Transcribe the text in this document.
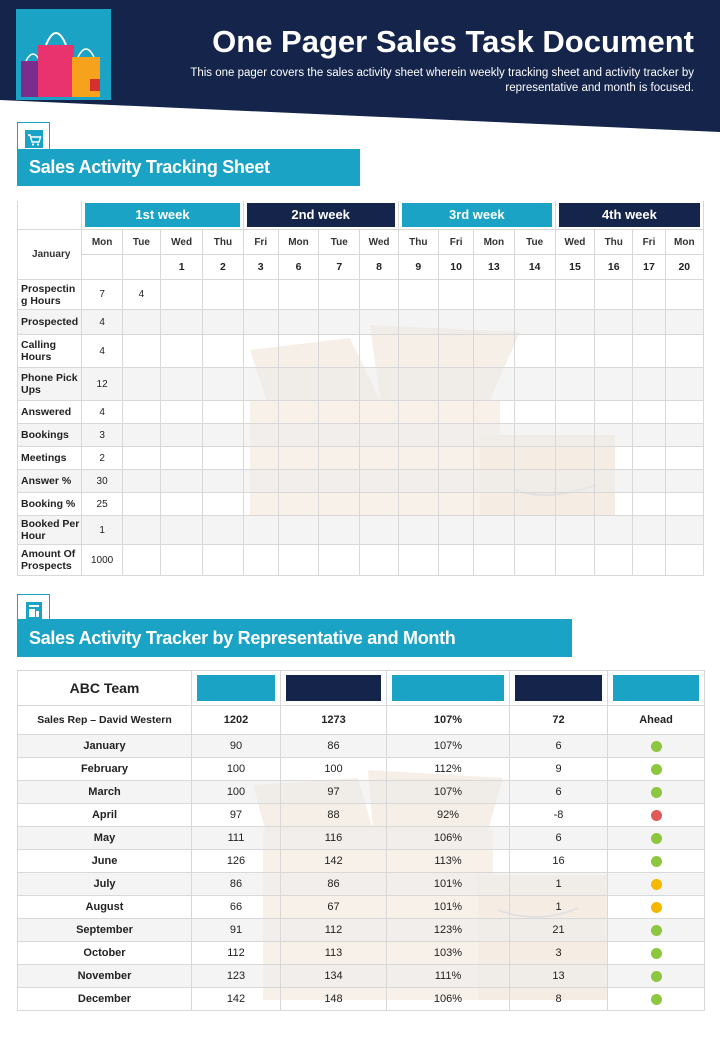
One Pager Sales Task Document

This one pager covers the sales activity sheet wherein weekly tracking sheet and activity tracker by representative and month is focused.

Sales Activity Tracking Sheet

	1st week				2nd week				3rd week				4th week			

January	Mon	Tue	Wed	Thu	Fri	Mon	Tue	Wed	Thu	Fri	Mon	Tue	Wed	Thu	Fri	Mon
			1	2	3	6	7	8	9	10	13	14	15	16	17	20
Prospectin g Hours	7	4														
Prospected	4															
Calling Hours	4															
Phone Pick Ups	12															
Answered	4															
Bookings	3															
Meetings	2															
Answer %	30															
Booking %	25															
Booked Per Hour	1															
Amount Of Prospects	1000															
Sales Activity Tracker by Representative and Month
ABC Team	

Sales Rep – David Western	1202	1273	107%	72	Ahead
January	90	86	107%	6	
February	100	100	112%	9	
March	100	97	107%	6	
April	97	88	92%	-8	
May	111	116	106%	6	
June	126	142	113%	16	
July	86	86	101%	1	
August	66	67	101%	1	
September	91	112	123%	21	
October	112	113	103%	3	
November	123	134	111%	13	
December	142	148	106%	8	
